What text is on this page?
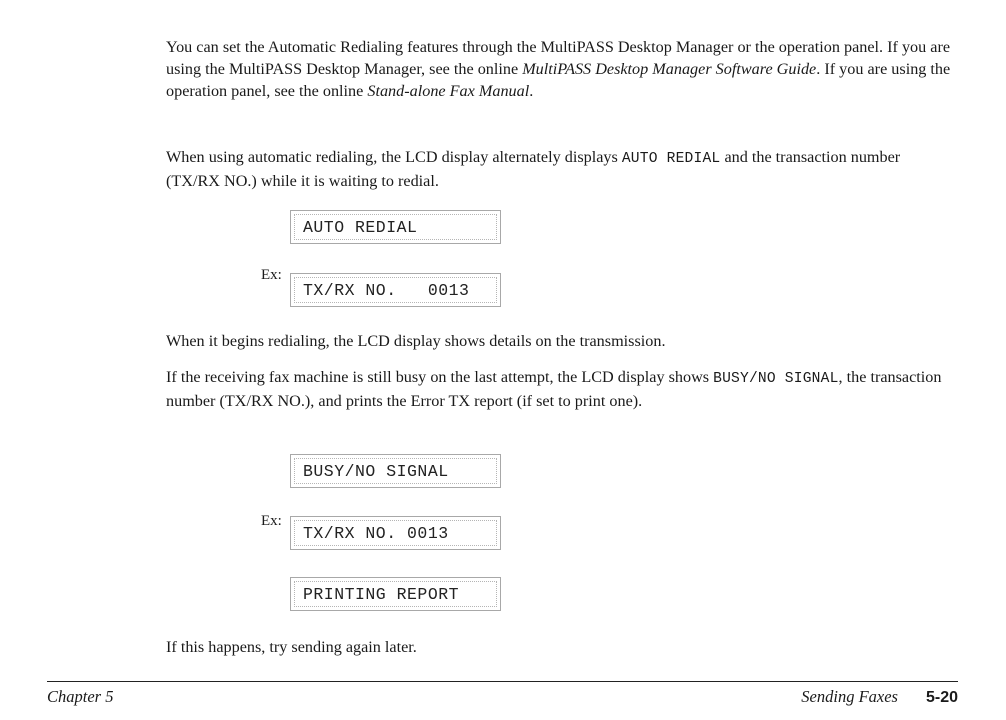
You can set the Automatic Redialing features through the MultiPASS Desktop Manager or the operation panel. If you are using the MultiPASS Desktop Manager, see the online MultiPASS Desktop Manager Software Guide. If you are using the operation panel, see the online Stand-alone Fax Manual.

When using automatic redialing, the LCD display alternately displays AUTO REDIAL and the transaction number (TX/RX NO.) while it is waiting to redial.

AUTO REDIAL
Ex:
TX/RX NO.   0013

When it begins redialing, the LCD display shows details on the transmission.

If the receiving fax machine is still busy on the last attempt, the LCD display shows BUSY/NO SIGNAL, the transaction number (TX/RX NO.), and prints the Error TX report (if set to print one).

BUSY/NO SIGNAL
Ex:
TX/RX NO. 0013
PRINTING REPORT

If this happens, try sending again later.

Chapter 5	Sending Faxes 5-20
